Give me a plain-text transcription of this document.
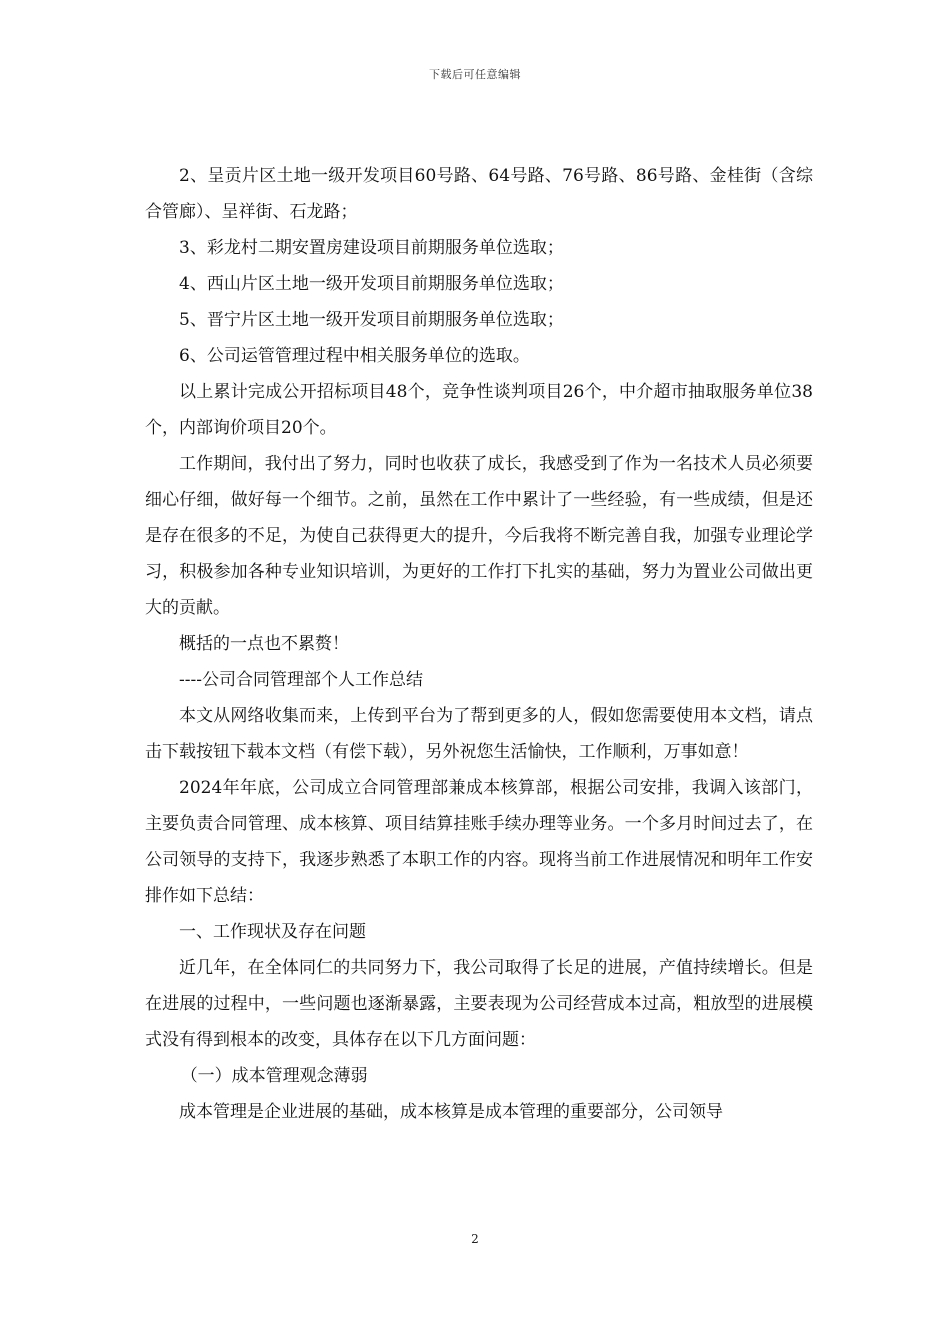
下载后可任意编辑

2、呈贡片区土地一级开发项目60号路、64号路、76号路、86号路、金桂街（含综合管廊）、呈祥街、石龙路；

3、彩龙村二期安置房建设项目前期服务单位选取；

4、西山片区土地一级开发项目前期服务单位选取；

5、晋宁片区土地一级开发项目前期服务单位选取；

6、公司运管管理过程中相关服务单位的选取。

以上累计完成公开招标项目48个，竞争性谈判项目26个，中介超市抽取服务单位38个，内部询价项目20个。

工作期间，我付出了努力，同时也收获了成长，我感受到了作为一名技术人员必须要细心仔细，做好每一个细节。之前，虽然在工作中累计了一些经验，有一些成绩，但是还是存在很多的不足，为使自己获得更大的提升，今后我将不断完善自我，加强专业理论学习，积极参加各种专业知识培训，为更好的工作打下扎实的基础，努力为置业公司做出更大的贡献。

概括的一点也不累赘！

----公司合同管理部个人工作总结

本文从网络收集而来，上传到平台为了帮到更多的人，假如您需要使用本文档，请点击下载按钮下载本文档（有偿下载），另外祝您生活愉快，工作顺利，万事如意！

2024年年底，公司成立合同管理部兼成本核算部，根据公司安排，我调入该部门，主要负责合同管理、成本核算、项目结算挂账手续办理等业务。一个多月时间过去了，在公司领导的支持下，我逐步熟悉了本职工作的内容。现将当前工作进展情况和明年工作安排作如下总结：

一、工作现状及存在问题

近几年，在全体同仁的共同努力下，我公司取得了长足的进展，产值持续增长。但是在进展的过程中，一些问题也逐渐暴露，主要表现为公司经营成本过高，粗放型的进展模式没有得到根本的改变，具体存在以下几方面问题：

（一）成本管理观念薄弱

成本管理是企业进展的基础，成本核算是成本管理的重要部分，公司领导

2
